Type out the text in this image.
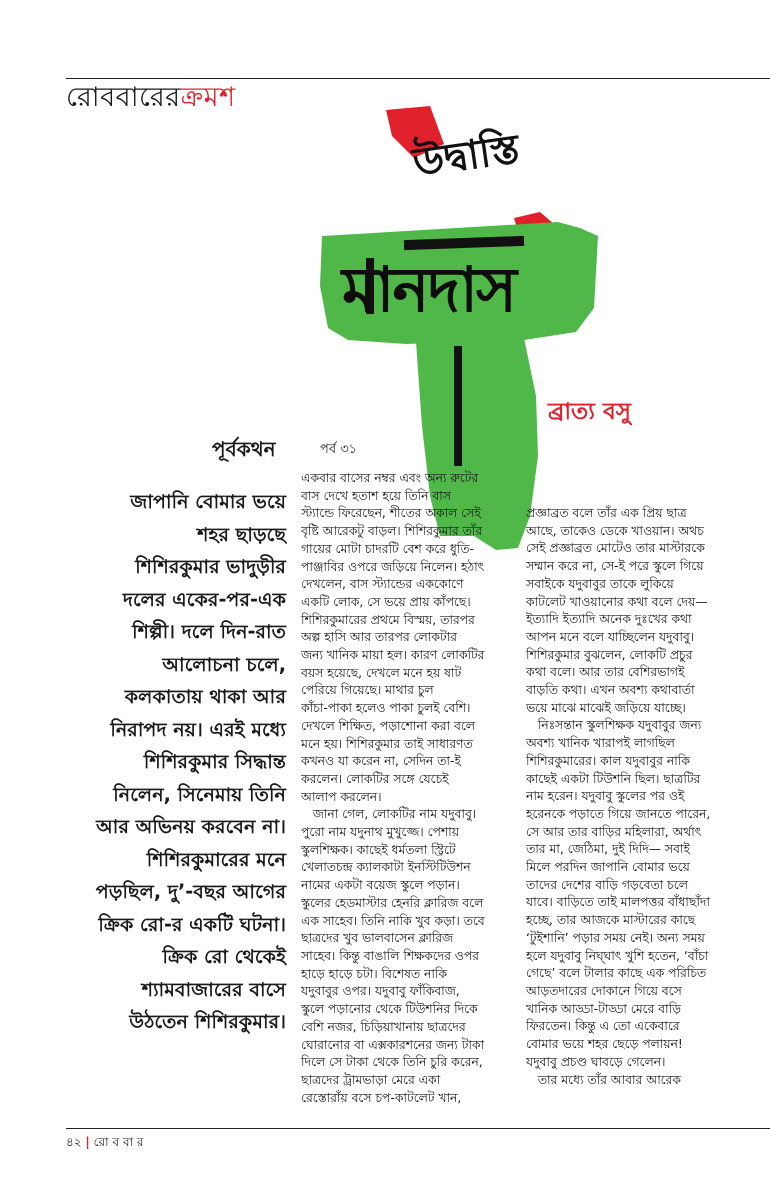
রোববারেরক্রমশ
উদ্বাস্তি
মানদাস
ব্রাত্য বসু
পূর্বকথন	পর্ব ৩১
জাপানি বোমার ভয়ে
শহর ছাড়ছে
শিশিরকুমার ভাদুড়ীর
দলের একের-পর-এক
শিল্পী। দলে দিন-রাত
আলোচনা চলে,
কলকাতায় থাকা আর
নিরাপদ নয়। এরই মধ্যে
শিশিরকুমার সিদ্ধান্ত
নিলেন, সিনেমায় তিনি
আর অভিনয় করবেন না।
শিশিরকুমারের মনে
পড়ছিল, দু’-বছর আগের
ক্রিক রো-র একটি ঘটনা।
ক্রিক রো থেকেই
শ্যামবাজারের বাসে
উঠতেন শিশিরকুমার।
একবার বাসের নম্বর এবং অন্য রুটের
বাস দেখে হতাশ হয়ে তিনি বাস
স্ট্যান্ডে ফিরেছেন, শীতের অকাল সেই
বৃষ্টি আরেকটু বাড়ল। শিশিরকুমার তাঁর
গায়ের মোটা চাদরটি বেশ করে ধুতি-
পাঞ্জাবির ওপরে জড়িয়ে নিলেন। হঠাৎ
দেখলেন, বাস স্ট্যান্ডের এককোণে
একটি লোক, সে ভয়ে প্রায় কাঁপছে।
শিশিরকুমারের প্রথমে বিস্ময়, তারপর
অল্প হাসি আর তারপর লোকটার
জন্য খানিক মায়া হল। কারণ লোকটির
বয়স হয়েছে, দেখলে মনে হয় ষাট
পেরিয়ে গিয়েছে। মাথার চুল
কাঁচা-পাকা হলেও পাকা চুলই বেশি।
দেখলে শিক্ষিত, পড়াশোনা করা বলে
মনে হয়। শিশিরকুমার তাই সাধারণত
কখনও যা করেন না, সেদিন তা-ই
করলেন। লোকটির সঙ্গে যেচেই
আলাপ করলেন।
জানা গেল, লোকটির নাম যদুবাবু।
পুরো নাম যদুনাথ মুখুজ্জে। পেশায়
স্কুলশিক্ষক। কাছেই ধর্মতলা স্ট্রিটে
খেলাতচন্দ্র ক্যালকাটা ইনস্টিটিউশন
নামের একটা বয়েজ স্কুলে পড়ান।
স্কুলের হেডমাস্টার হেনরি ক্লারিজ বলে
এক সাহেব। তিনি নাকি খুব কড়া। তবে
ছাত্রদের খুব ভালবাসেন ক্লারিজ
সাহেব। কিন্তু বাঙালি শিক্ষকদের ওপর
হাড়ে হাড়ে চটা। বিশেষত নাকি
যদুবাবুর ওপর। যদুবাবু ফাঁকিবাজ,
স্কুলে পড়ানোর থেকে টিউশনির দিকে
বেশি নজর, চিড়িয়াখানায় ছাত্রদের
ঘোরানোর বা এক্সকারশনের জন্য টাকা
দিলে সে টাকা থেকে তিনি চুরি করেন,
ছাত্রদের ট্রামভাড়া মেরে একা
রেস্তোরাঁয় বসে চপ-কাটলেট খান,
প্রজ্ঞাব্রত বলে তাঁর এক প্রিয় ছাত্র
আছে, তাকেও ডেকে খাওয়ান। অথচ
সেই প্রজ্ঞাব্রত মোটেও তার মাস্টারকে
সম্মান করে না, সে-ই পরে স্কুলে গিয়ে
সবাইকে যদুবাবুর তাকে লুকিয়ে
কাটলেট খাওয়ানোর কথা বলে দেয়—
ইত্যাদি ইত্যাদি অনেক দুঃখের কথা
আপন মনে বলে যাচ্ছিলেন যদুবাবু।
শিশিরকুমার বুঝলেন, লোকটি প্রচুর
কথা বলে। আর তার বেশিরভাগই
বাড়তি কথা। এখন অবশ্য কথাবার্তা
ভয়ে মাঝে মাঝেই জড়িয়ে যাচ্ছে।
নিঃসন্তান স্কুলশিক্ষক যদুবাবুর জন্য
অবশ্য খানিক খারাপই লাগছিল
শিশিরকুমারের। কাল যদুবাবুর নাকি
কাছেই একটা টিউশনি ছিল। ছাত্রটির
নাম হরেন। যদুবাবু স্কুলের পর ওই
হরেনকে পড়াতে গিয়ে জানতে পারেন,
সে আর তার বাড়ির মহিলারা, অর্থাৎ
তার মা, জেঠিমা, দুই দিদি— সবাই
মিলে পরদিন জাপানি বোমার ভয়ে
তাদের দেশের বাড়ি গড়বেতা চলে
যাবে। বাড়িতে তাই মালপত্তর বাঁধাছাঁদা
হচ্ছে, তার আজকে মাস্টারের কাছে
‘টুইশানি’ পড়ার সময় নেই। অন্য সময়
হলে যদুবাবু নিঘ্ঘাৎ খুশি হতেন, ‘বাঁচা
গেছে’ বলে টালার কাছে এক পরিচিত
আড়তদারের দোকানে গিয়ে বসে
খানিক আড্ডা-টাড্ডা মেরে বাড়ি
ফিরতেন। কিন্তু এ তো একেবারে
বোমার ভয়ে শহর ছেড়ে পলায়ন!
যদুবাবু প্রচণ্ড ঘাবড়ে গেলেন।
তার মধ্যে তাঁর আবার আরেক
৪২ | রো ব বা র
